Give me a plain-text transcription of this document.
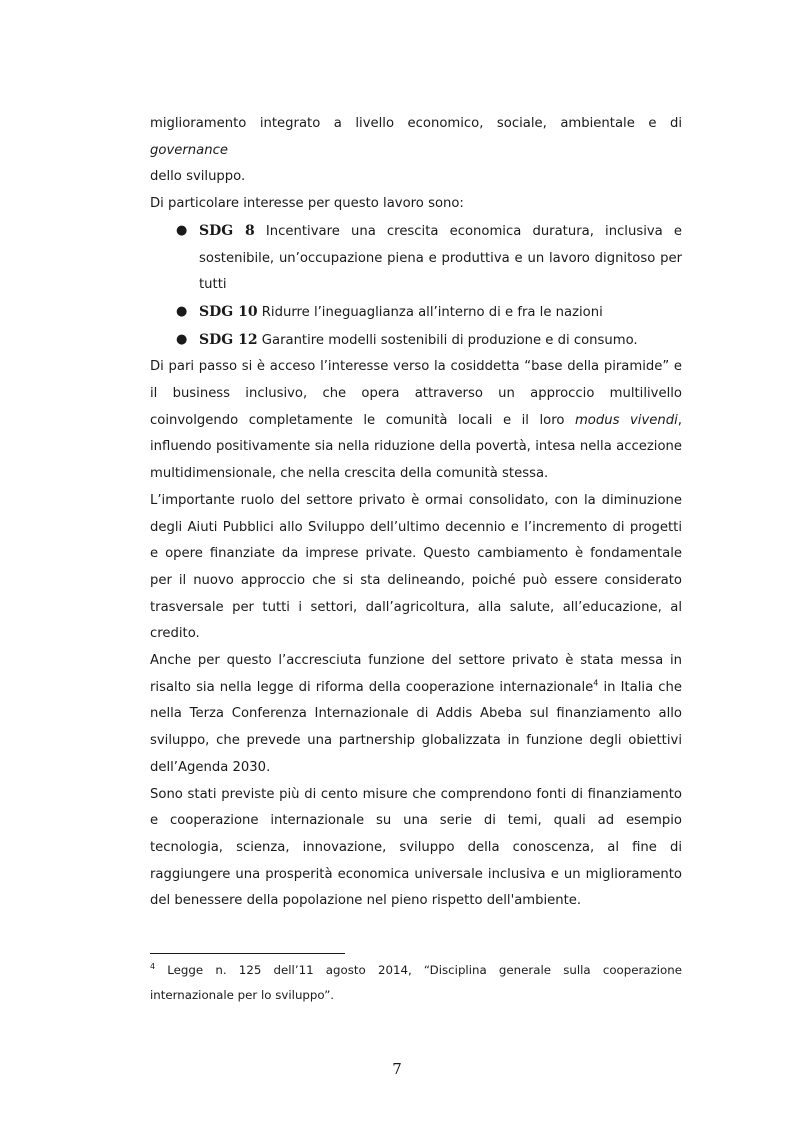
miglioramento integrato a livello economico, sociale, ambientale e di governance

dello sviluppo.

Di particolare interesse per questo lavoro sono:

● SDG 8 Incentivare una crescita economica duratura, inclusiva e sostenibile, un’occupazione piena e produttiva e un lavoro dignitoso per tutti
● SDG 10 Ridurre l’ineguaglianza all’interno di e fra le nazioni
● SDG 12 Garantire modelli sostenibili di produzione e di consumo.

Di pari passo si è acceso l’interesse verso la cosiddetta “base della piramide” e il business inclusivo, che opera attraverso un approccio multilivello coinvolgendo completamente le comunità locali e il loro modus vivendi, influendo positivamente sia nella riduzione della povertà, intesa nella accezione multidimensionale, che nella crescita della comunità stessa.

L’importante ruolo del settore privato è ormai consolidato, con la diminuzione degli Aiuti Pubblici allo Sviluppo dell’ultimo decennio e l’incremento di progetti e opere finanziate da imprese private. Questo cambiamento è fondamentale per il nuovo approccio che si sta delineando, poiché può essere considerato trasversale per tutti i settori, dall’agricoltura, alla salute, all’educazione, al credito.

Anche per questo l’accresciuta funzione del settore privato è stata messa in risalto sia nella legge di riforma della cooperazione internazionale$^4$ in Italia che nella Terza Conferenza Internazionale di Addis Abeba sul finanziamento allo sviluppo, che prevede una partnership globalizzata in funzione degli obiettivi dell’Agenda 2030.

Sono stati previste più di cento misure che comprendono fonti di finanziamento e cooperazione internazionale su una serie di temi, quali ad esempio tecnologia, scienza, innovazione, sviluppo della conoscenza, al fine di raggiungere una prosperità economica universale inclusiva e un miglioramento del benessere della popolazione nel pieno rispetto dell'ambiente.

$^4$ Legge n. 125 dell’11 agosto 2014, “Disciplina generale sulla cooperazione internazionale per lo sviluppo”.
7
